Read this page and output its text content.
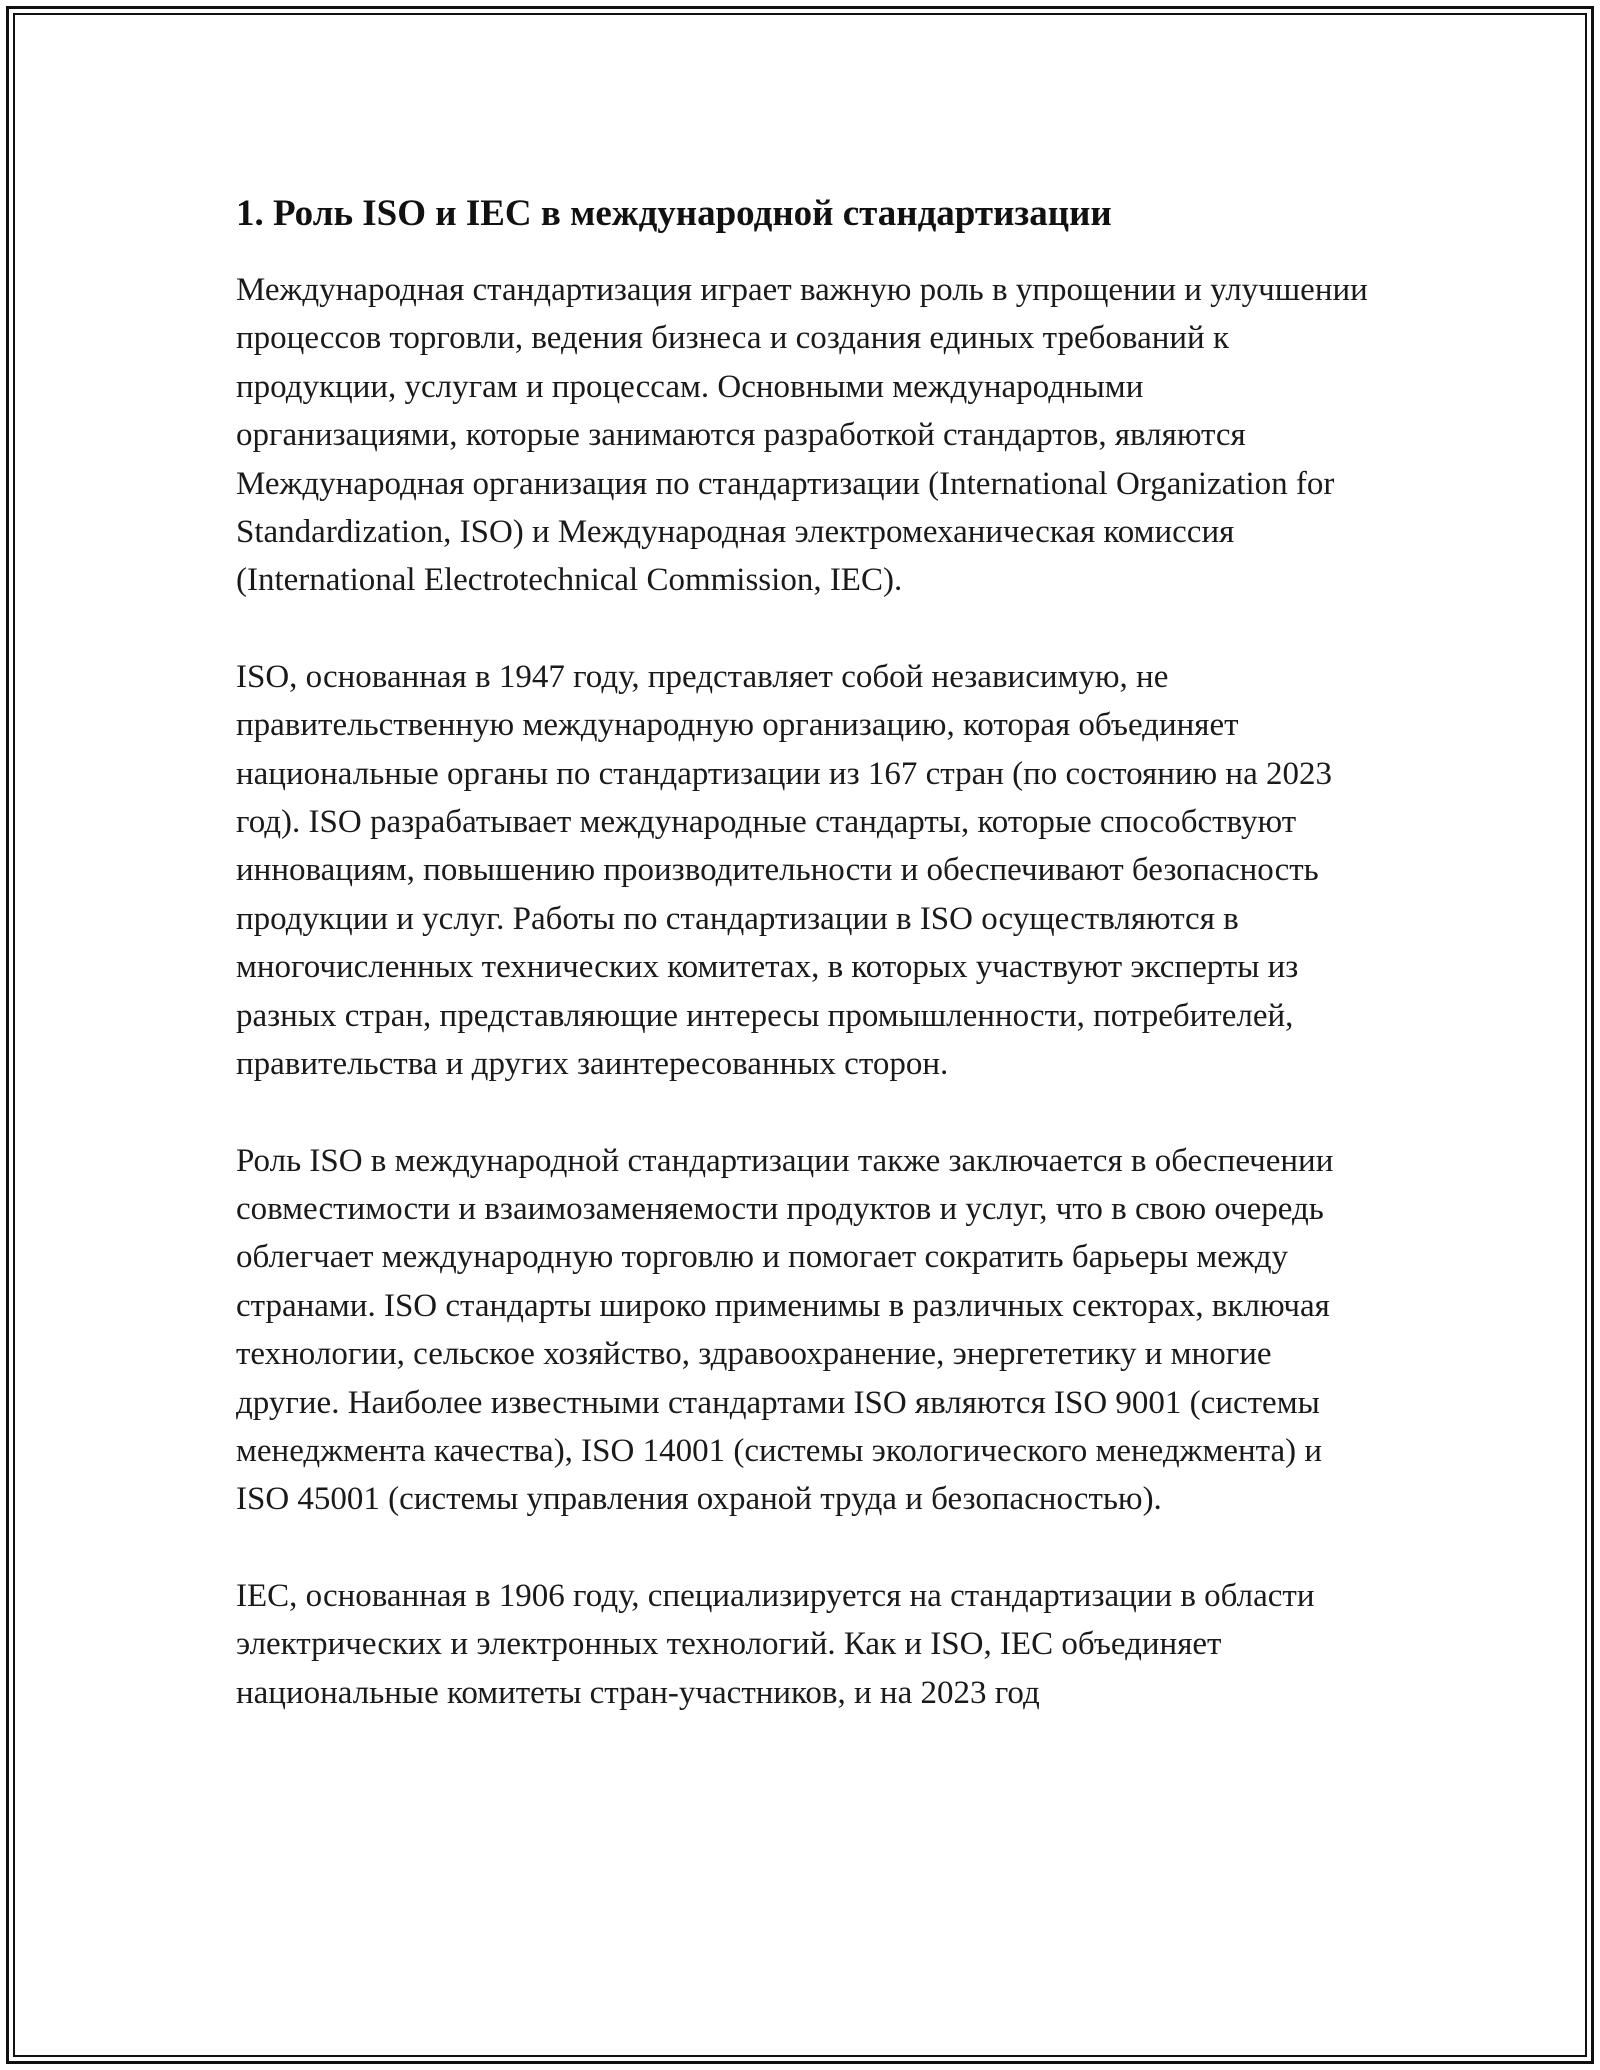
1. Роль ISO и IEC в международной стандартизации

Международная стандартизация играет важную роль в упрощении и улучшении процессов торговли, ведения бизнеса и создания единых требований к продукции, услугам и процессам. Основными международными организациями, которые занимаются разработкой стандартов, являются Международная организация по стандартизации (International Organization for Standardization, ISO) и Международная электромеханическая комиссия (International Electrotechnical Commission, IEC).

ISO, основанная в 1947 году, представляет собой независимую, не правительственную международную организацию, которая объединяет национальные органы по стандартизации из 167 стран (по состоянию на 2023 год). ISO разрабатывает международные стандарты, которые способствуют инновациям, повышению производительности и обеспечивают безопасность продукции и услуг. Работы по стандартизации в ISO осуществляются в многочисленных технических комитетах, в которых участвуют эксперты из разных стран, представляющие интересы промышленности, потребителей, правительства и других заинтересованных сторон.

Роль ISO в международной стандартизации также заключается в обеспечении совместимости и взаимозаменяемости продуктов и услуг, что в свою очередь облегчает международную торговлю и помогает сократить барьеры между странами. ISO стандарты широко применимы в различных секторах, включая технологии, сельское хозяйство, здравоохранение, энергететику и многие другие. Наиболее известными стандартами ISO являются ISO 9001 (системы менеджмента качества), ISO 14001 (системы экологического менеджмента) и ISO 45001 (системы управления охраной труда и безопасностью).

IEC, основанная в 1906 году, специализируется на стандартизации в области электрических и электронных технологий. Как и ISO, IEC объединяет национальные комитеты стран-участников, и на 2023 год
